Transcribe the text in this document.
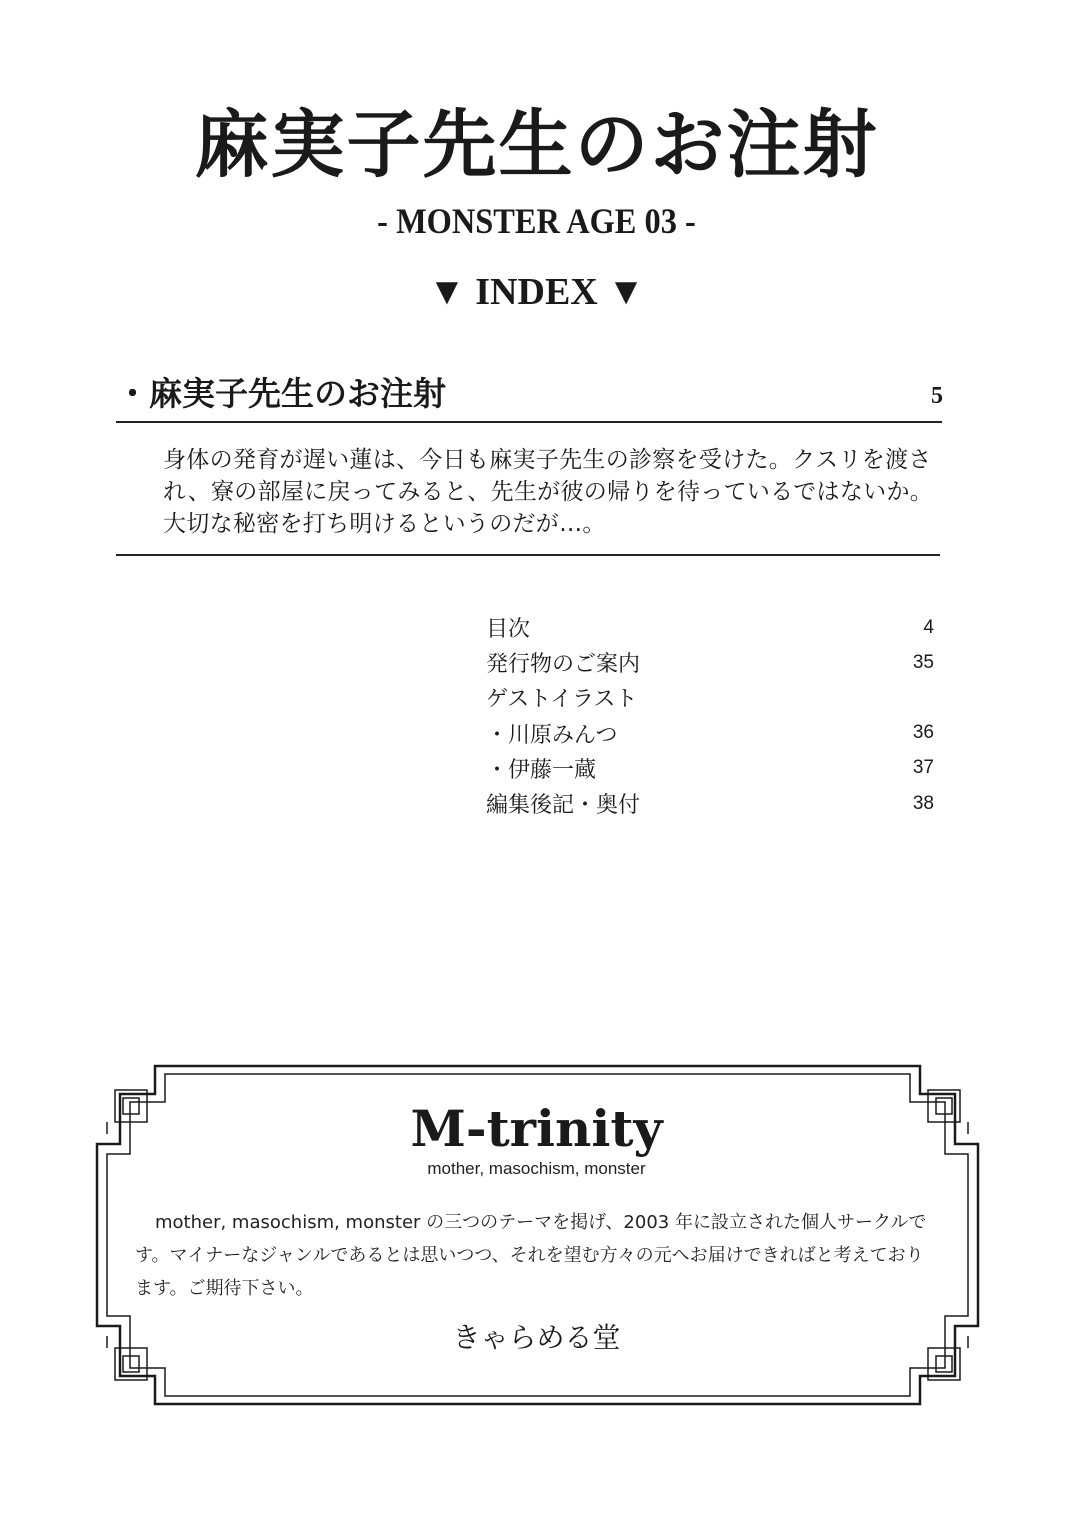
麻実子先生のお注射
- MONSTER AGE 03 -
▼ INDEX ▼
・麻実子先生のお注射	5
身体の発育が遅い蓮は、今日も麻実子先生の診察を受けた。クスリを渡され、寮の部屋に戻ってみると、先生が彼の帰りを待っているではないか。大切な秘密を打ち明けるというのだが…。
目次	4
発行物のご案内	35
ゲストイラスト
・川原みんつ	36
・伊藤一蔵	37
編集後記・奥付	38
M-trinity
mother, masochism, monster
mother, masochism, monster の三つのテーマを掲げ、2003 年に設立された個人サークルです。マイナーなジャンルであるとは思いつつ、それを望む方々の元へお届けできればと考えております。ご期待下さい。
きゃらめる堂
